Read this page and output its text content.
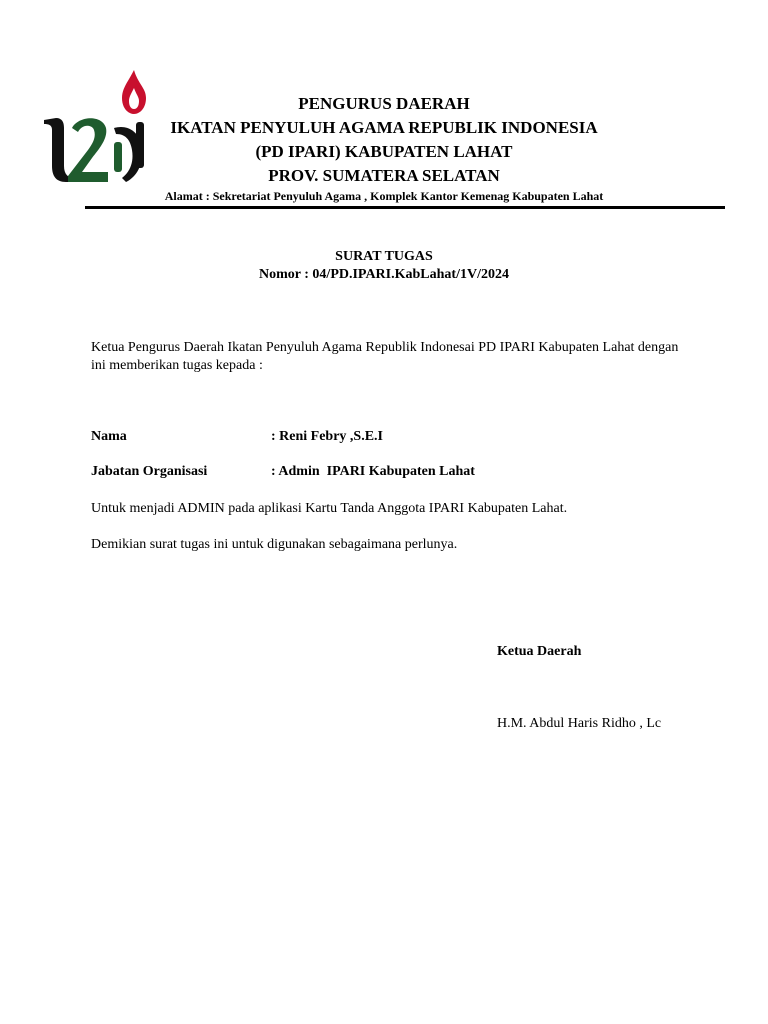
PENGURUS DAERAH
IKATAN PENYULUH AGAMA REPUBLIK INDONESIA
(PD IPARI) KABUPATEN LAHAT
PROV. SUMATERA SELATAN
Alamat : Sekretariat Penyuluh Agama , Komplek Kantor Kemenag Kabupaten Lahat
SURAT TUGAS
Nomor : 04/PD.IPARI.KabLahat/1V/2024
Ketua Pengurus Daerah Ikatan Penyuluh Agama Republik Indonesai PD IPARI Kabupaten Lahat dengan ini memberikan tugas kepada :
Nama	: Reni Febry ,S.E.I
Jabatan Organisasi	: Admin  IPARI Kabupaten Lahat
Untuk menjadi ADMIN pada aplikasi Kartu Tanda Anggota IPARI Kabupaten Lahat.
Demikian surat tugas ini untuk digunakan sebagaimana perlunya.
Ketua Daerah
H.M. Abdul Haris Ridho , Lc
